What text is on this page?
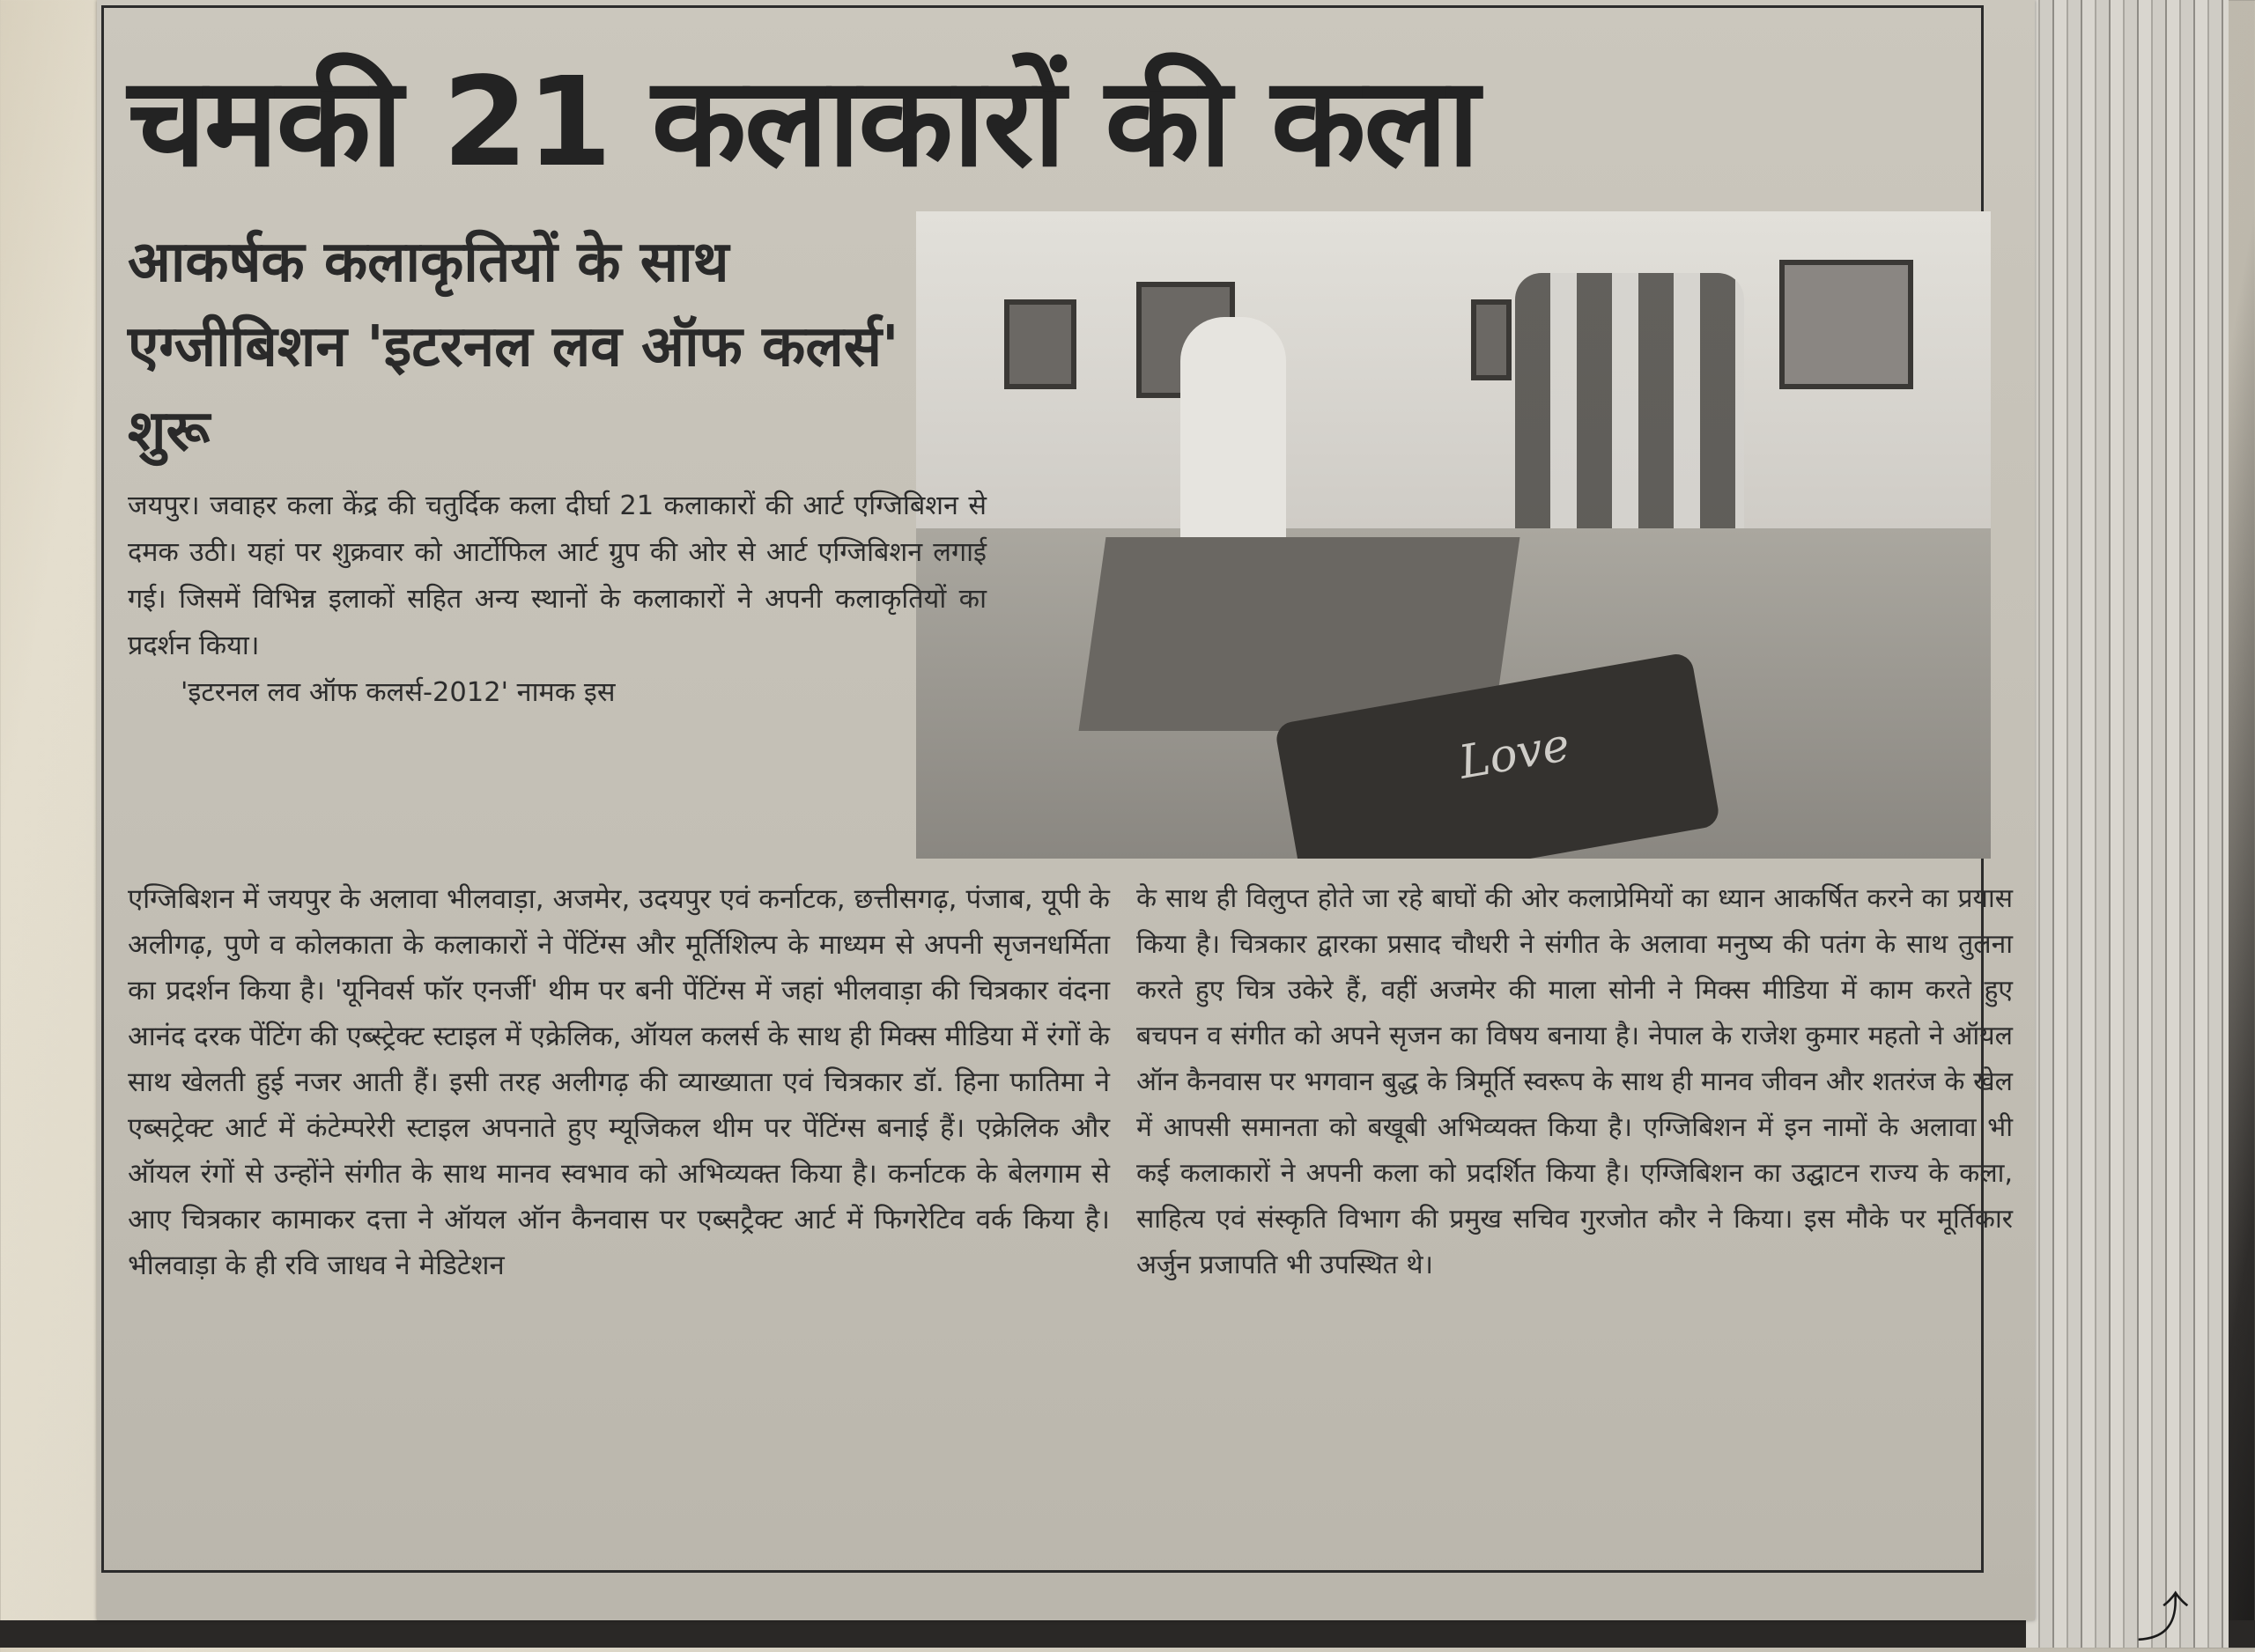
चमकी 21 कलाकारों की कला
आकर्षक कलाकृतियों के साथ एग्जीबिशन 'इटरनल लव ऑफ कलर्स' शुरू
Love

जयपुर। जवाहर कला केंद्र की चतुर्दिक कला दीर्घा 21 कलाकारों की आर्ट एग्जिबिशन से दमक उठी। यहां पर शुक्रवार को आर्टोफिल आर्ट ग्रुप की ओर से आर्ट एग्जिबिशन लगाई गई। जिसमें विभिन्न इलाकों सहित अन्य स्थानों के कलाकारों ने अपनी कलाकृतियों का प्रदर्शन किया।

'इटरनल लव ऑफ कलर्स-2012' नामक इस

एग्जिबिशन में जयपुर के अलावा भीलवाड़ा, अजमेर, उदयपुर एवं कर्नाटक, छत्तीसगढ़, पंजाब, यूपी के अलीगढ़, पुणे व कोलकाता के कलाकारों ने पेंटिंग्स और मूर्तिशिल्प के माध्यम से अपनी सृजनधर्मिता का प्रदर्शन किया है। 'यूनिवर्स फॉर एनर्जी' थीम पर बनी पेंटिंग्स में जहां भीलवाड़ा की चित्रकार वंदना आनंद दरक पेंटिंग की एब्स्ट्रेक्ट स्टाइल में एक्रेलिक, ऑयल कलर्स के साथ ही मिक्स मीडिया में रंगों के साथ खेलती हुई नजर आती हैं। इसी तरह अलीगढ़ की व्याख्याता एवं चित्रकार डॉ. हिना फातिमा ने एब्सट्रेक्ट आर्ट में कंटेम्परेरी स्टाइल अपनाते हुए म्यूजिकल थीम पर पेंटिंग्स बनाई हैं। एक्रेलिक और ऑयल रंगों से उन्होंने संगीत के साथ मानव स्वभाव को अभिव्यक्त किया है। कर्नाटक के बेलगाम से आए चित्रकार कामाकर दत्ता ने ऑयल ऑन कैनवास पर एब्सट्रैक्ट आर्ट में फिगरेटिव वर्क किया है। भीलवाड़ा के ही रवि जाधव ने मेडिटेशन

के साथ ही विलुप्त होते जा रहे बाघों की ओर कलाप्रेमियों का ध्यान आकर्षित करने का प्रयास किया है। चित्रकार द्वारका प्रसाद चौधरी ने संगीत के अलावा मनुष्य की पतंग के साथ तुलना करते हुए चित्र उकेरे हैं, वहीं अजमेर की माला सोनी ने मिक्स मीडिया में काम करते हुए बचपन व संगीत को अपने सृजन का विषय बनाया है। नेपाल के राजेश कुमार महतो ने ऑयल ऑन कैनवास पर भगवान बुद्ध के त्रिमूर्ति स्वरूप के साथ ही मानव जीवन और शतरंज के खेल में आपसी समानता को बखूबी अभिव्यक्त किया है। एग्जिबिशन में इन नामों के अलावा भी कई कलाकारों ने अपनी कला को प्रदर्शित किया है। एग्जिबिशन का उद्घाटन राज्य के कला, साहित्य एवं संस्कृति विभाग की प्रमुख सचिव गुरजोत कौर ने किया। इस मौके पर मूर्तिकार अर्जुन प्रजापति भी उपस्थित थे।

⤴
